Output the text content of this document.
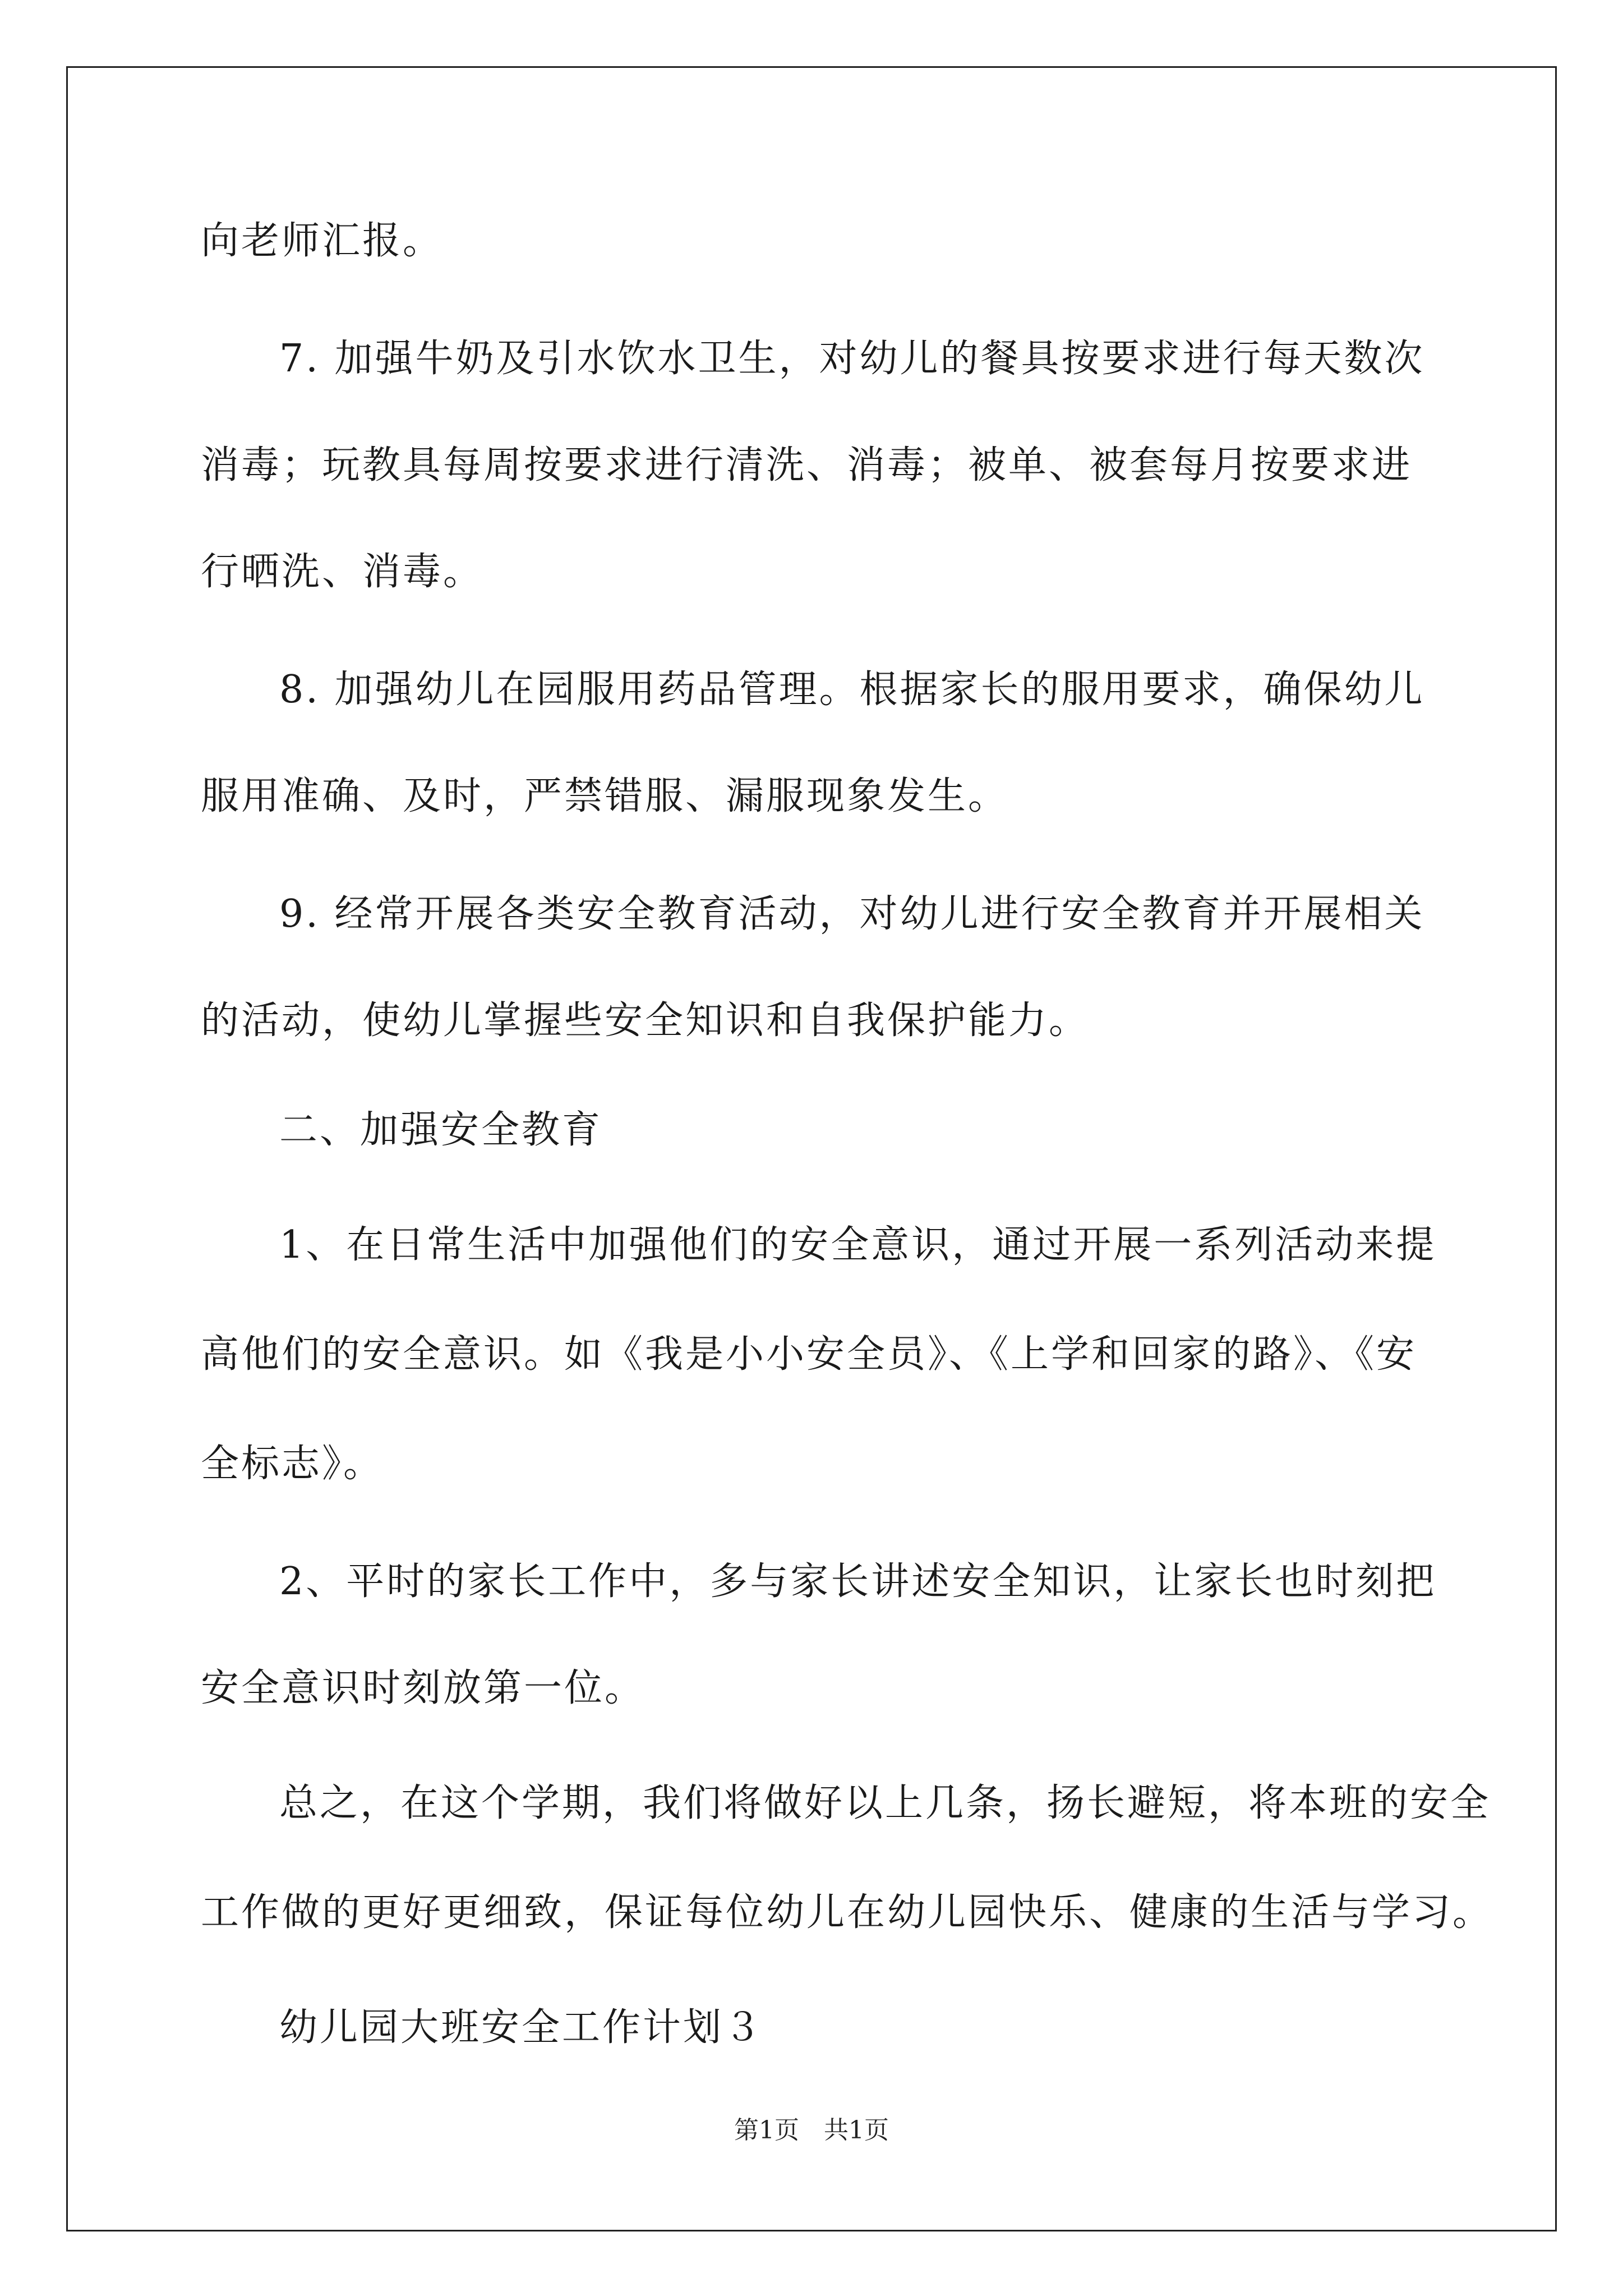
向老师汇报。
7. 加强牛奶及引水饮水卫生，对幼儿的餐具按要求进行每天数次
消毒；玩教具每周按要求进行清洗、消毒；被单、被套每月按要求进
行晒洗、消毒。
8. 加强幼儿在园服用药品管理。根据家长的服用要求，确保幼儿
服用准确、及时，严禁错服、漏服现象发生。
9. 经常开展各类安全教育活动，对幼儿进行安全教育并开展相关
的活动，使幼儿掌握些安全知识和自我保护能力。
二、加强安全教育
1、在日常生活中加强他们的安全意识，通过开展一系列活动来提
高他们的安全意识。如《我是小小安全员》、《上学和回家的路》、《安
全标志》。
2、平时的家长工作中，多与家长讲述安全知识，让家长也时刻把
安全意识时刻放第一位。
总之，在这个学期，我们将做好以上几条，扬长避短，将本班的安全
工作做的更好更细致，保证每位幼儿在幼儿园快乐、健康的生活与学习。
幼儿园大班安全工作计划３
第1页　共1页
